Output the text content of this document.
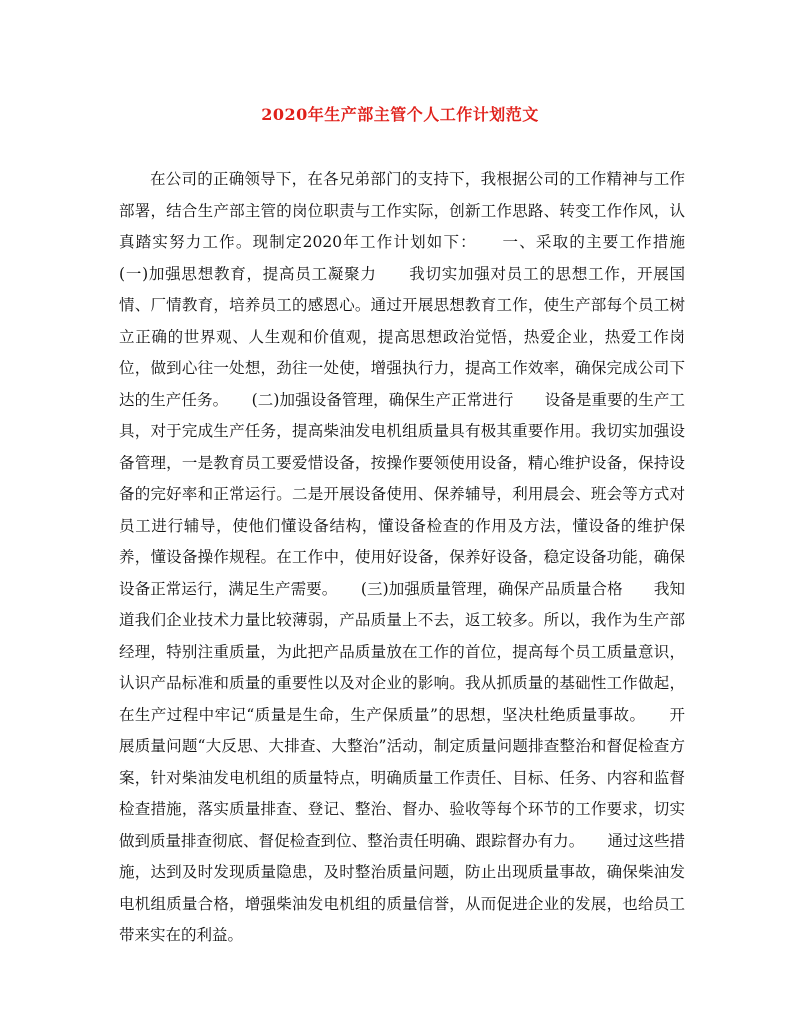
2020年生产部主管个人工作计划范文

在公司的正确领导下，在各兄弟部门的支持下，我根据公司的工作精神与工作部署，结合生产部主管的岗位职责与工作实际，创新工作思路、转变工作作风，认真踏实努力工作。现制定2020年工作计划如下：　　一、采取的主要工作措施　　(一)加强思想教育，提高员工凝聚力　　我切实加强对员工的思想工作，开展国情、厂情教育，培养员工的感恩心。通过开展思想教育工作，使生产部每个员工树立正确的世界观、人生观和价值观，提高思想政治觉悟，热爱企业，热爱工作岗位，做到心往一处想，劲往一处使，增强执行力，提高工作效率，确保完成公司下达的生产任务。　　(二)加强设备管理，确保生产正常进行　　设备是重要的生产工具，对于完成生产任务，提高柴油发电机组质量具有极其重要作用。我切实加强设备管理，一是教育员工要爱惜设备，按操作要领使用设备，精心维护设备，保持设备的完好率和正常运行。二是开展设备使用、保养辅导，利用晨会、班会等方式对员工进行辅导，使他们懂设备结构，懂设备检查的作用及方法，懂设备的维护保养，懂设备操作规程。在工作中，使用好设备，保养好设备，稳定设备功能，确保设备正常运行，满足生产需要。　　(三)加强质量管理，确保产品质量合格　　我知道我们企业技术力量比较薄弱，产品质量上不去，返工较多。所以，我作为生产部经理，特别注重质量，为此把产品质量放在工作的首位，提高每个员工质量意识，认识产品标准和质量的重要性以及对企业的影响。我从抓质量的基础性工作做起，在生产过程中牢记“质量是生命，生产保质量”的思想，坚决杜绝质量事故。　　开展质量问题“大反思、大排查、大整治”活动，制定质量问题排查整治和督促检查方案，针对柴油发电机组的质量特点，明确质量工作责任、目标、任务、内容和监督检查措施，落实质量排查、登记、整治、督办、验收等每个环节的工作要求，切实做到质量排查彻底、督促检查到位、整治责任明确、跟踪督办有力。　　通过这些措施，达到及时发现质量隐患，及时整治质量问题，防止出现质量事故，确保柴油发电机组质量合格，增强柴油发电机组的质量信誉，从而促进企业的发展，也给员工带来实在的利益。
